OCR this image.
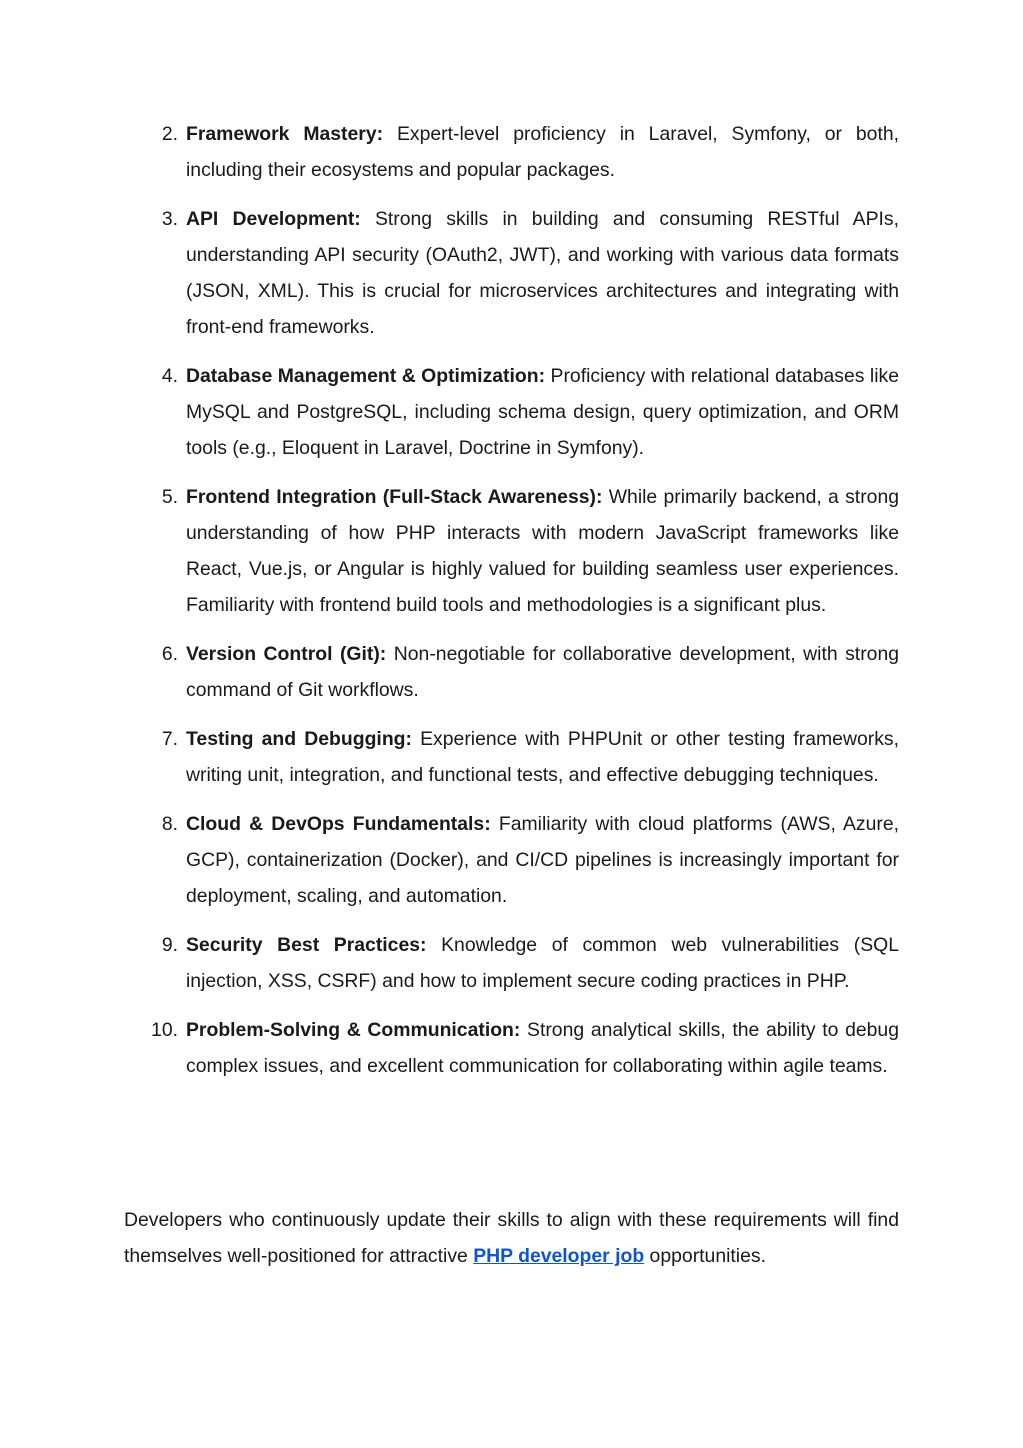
2. Framework Mastery: Expert-level proficiency in Laravel, Symfony, or both, including their ecosystems and popular packages.
3. API Development: Strong skills in building and consuming RESTful APIs, understanding API security (OAuth2, JWT), and working with various data formats (JSON, XML). This is crucial for microservices architectures and integrating with front-end frameworks.
4. Database Management & Optimization: Proficiency with relational databases like MySQL and PostgreSQL, including schema design, query optimization, and ORM tools (e.g., Eloquent in Laravel, Doctrine in Symfony).
5. Frontend Integration (Full-Stack Awareness): While primarily backend, a strong understanding of how PHP interacts with modern JavaScript frameworks like React, Vue.js, or Angular is highly valued for building seamless user experiences. Familiarity with frontend build tools and methodologies is a significant plus.
6. Version Control (Git): Non-negotiable for collaborative development, with strong command of Git workflows.
7. Testing and Debugging: Experience with PHPUnit or other testing frameworks, writing unit, integration, and functional tests, and effective debugging techniques.
8. Cloud & DevOps Fundamentals: Familiarity with cloud platforms (AWS, Azure, GCP), containerization (Docker), and CI/CD pipelines is increasingly important for deployment, scaling, and automation.
9. Security Best Practices: Knowledge of common web vulnerabilities (SQL injection, XSS, CSRF) and how to implement secure coding practices in PHP.
10. Problem-Solving & Communication: Strong analytical skills, the ability to debug complex issues, and excellent communication for collaborating within agile teams.

Developers who continuously update their skills to align with these requirements will find themselves well-positioned for attractive PHP developer job opportunities.
